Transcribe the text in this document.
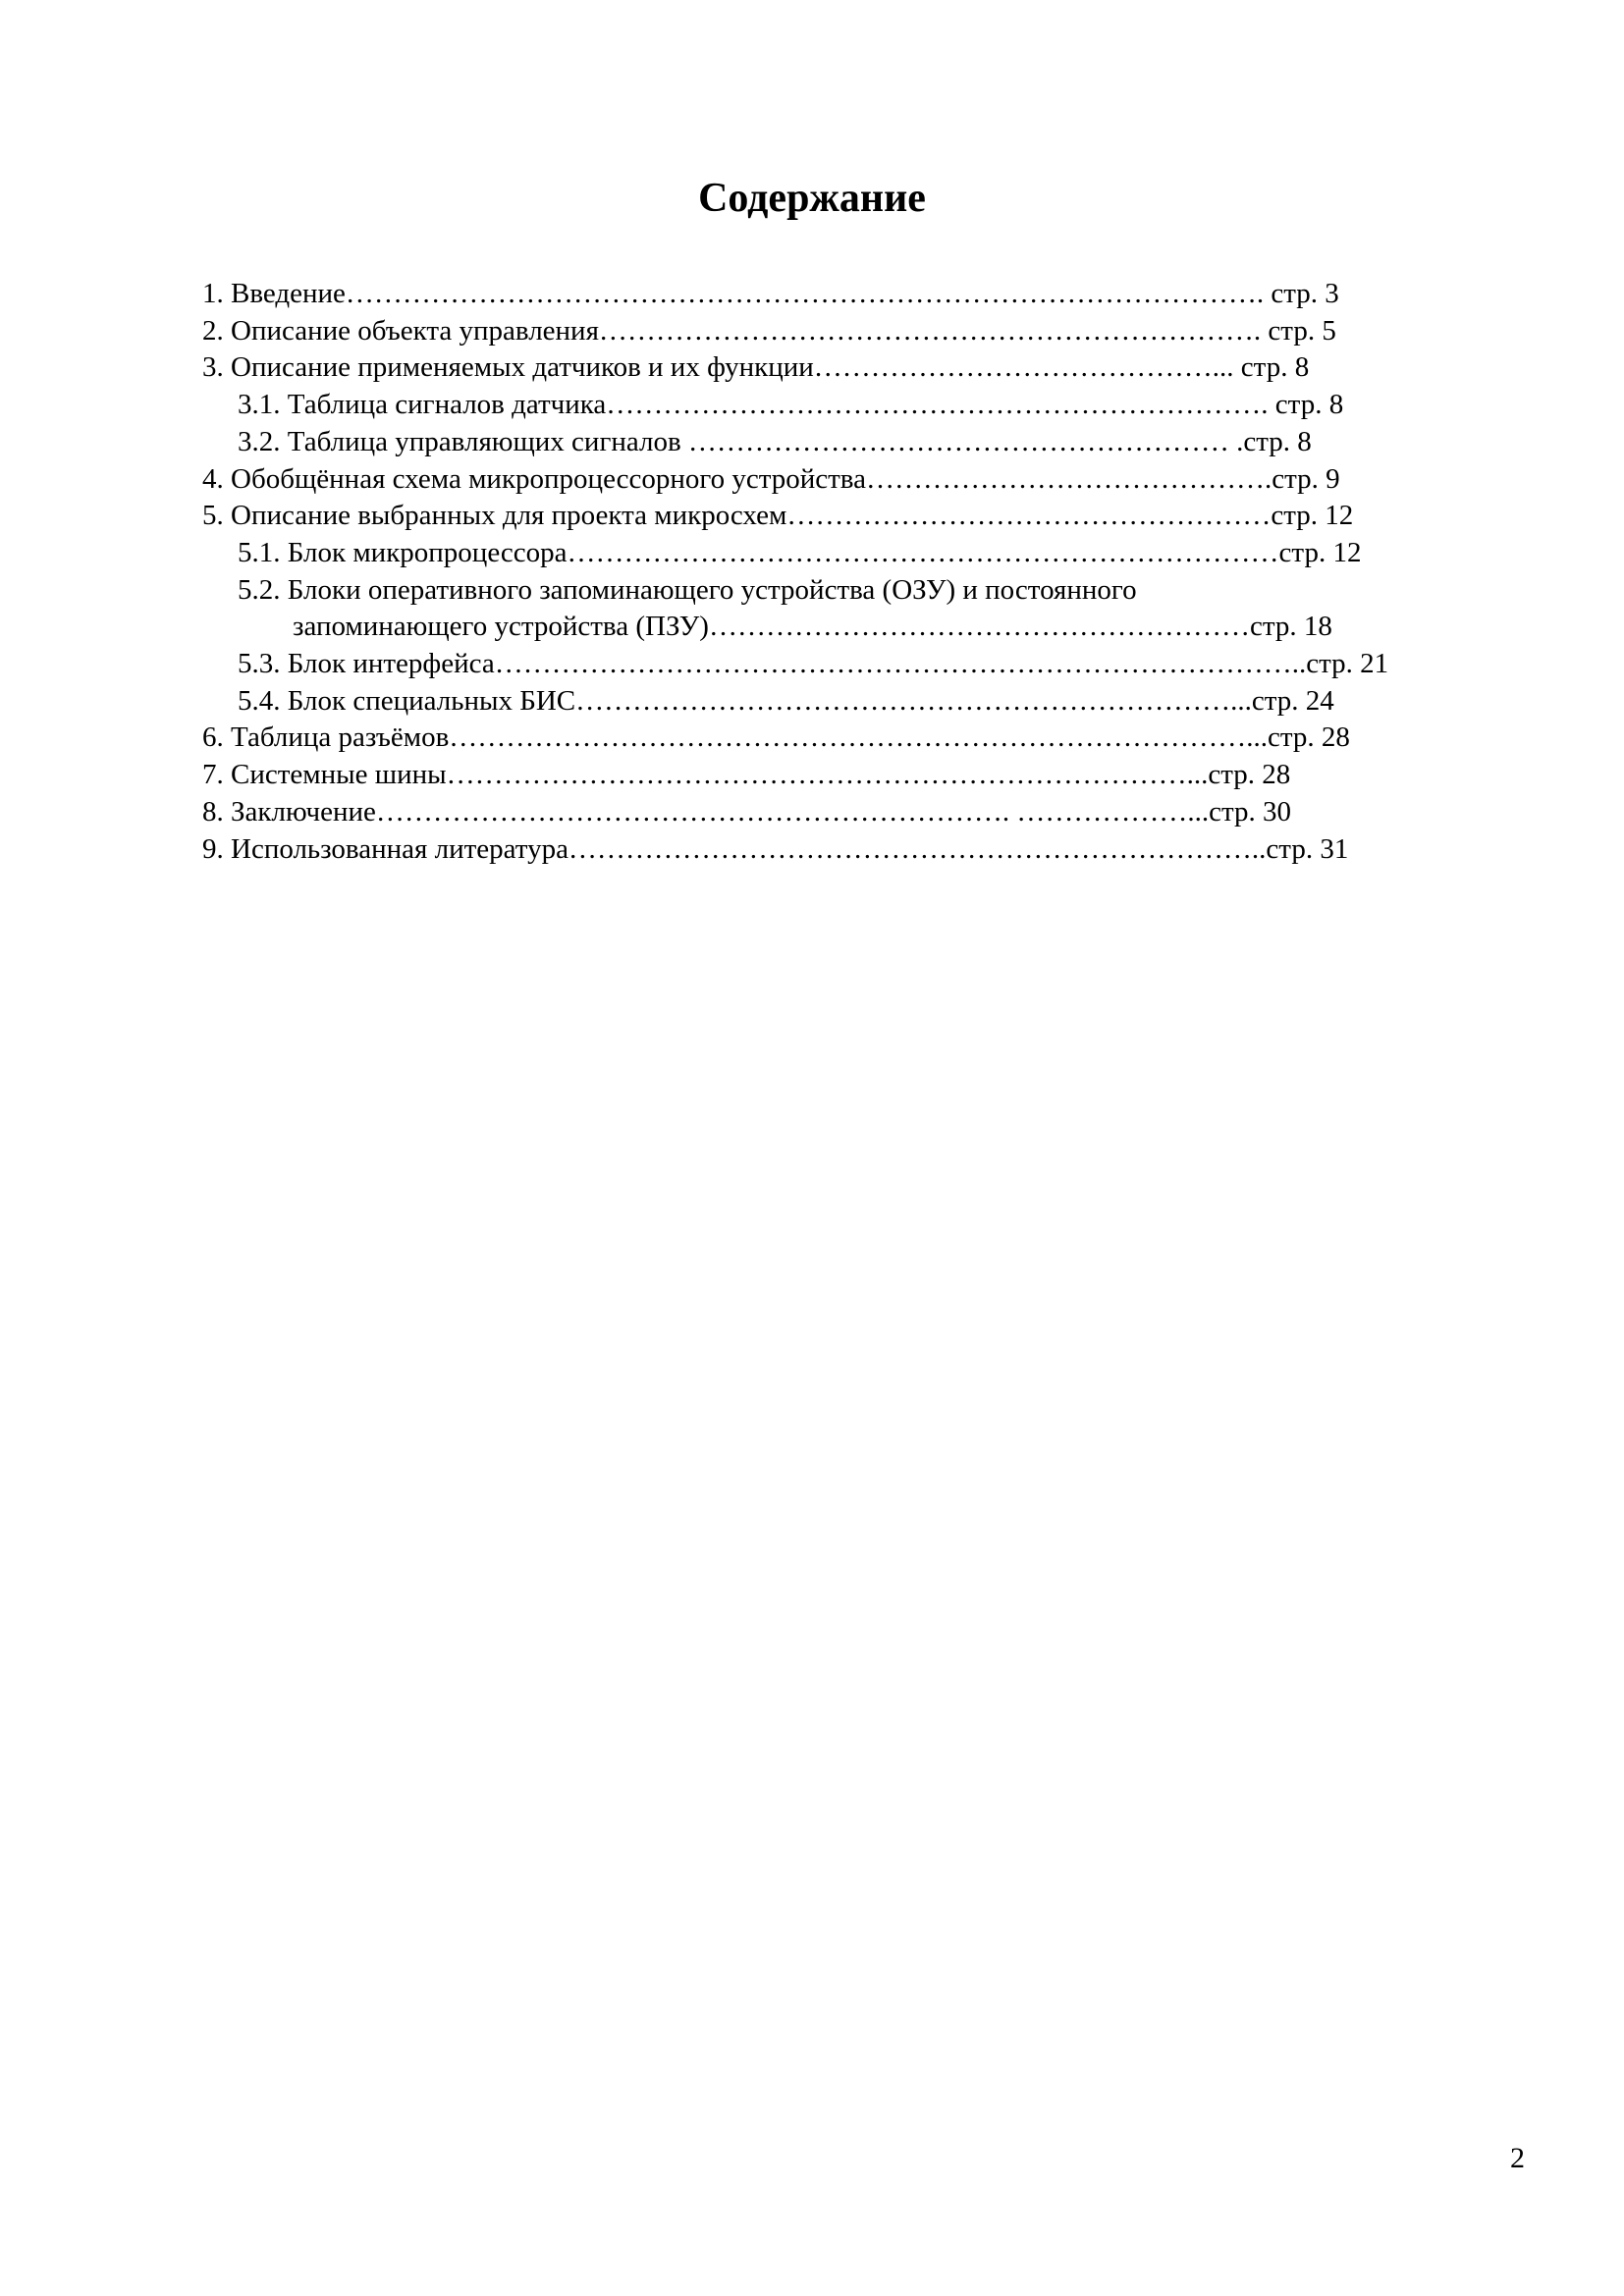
Содержание
1. Введение……………………………………………………………………………………. стр. 3
2. Описание объекта управления……………………………………………………………. стр. 5
3. Описание применяемых датчиков и их функции……………………………………... стр. 8
3.1. Таблица сигналов датчика……………………………………………………………. стр. 8
3.2. Таблица управляющих сигналов ………………………………………………… .стр. 8
4. Обобщённая схема микропроцессорного устройства…………………………………….стр. 9
5. Описание выбранных для проекта микросхем……………………………………………стр. 12
5.1. Блок микропроцессора…………………………………………………………………стр. 12
5.2. Блоки оперативного запоминающего устройства (ОЗУ) и постоянного
запоминающего устройства (ПЗУ)…………………………………………………стр. 18
5.3. Блок интерфейса…………………………………………………………………………..стр. 21
5.4. Блок специальных БИС……………………………………………………………...стр. 24
6. Таблица разъёмов…………………………………………………………………………...стр. 28
7. Системные шины……………………………………………………………………...стр. 28
8. Заключение…………………………………………………………. ………………...стр. 30
9. Использованная литература………………………………………………………………..стр. 31
2
